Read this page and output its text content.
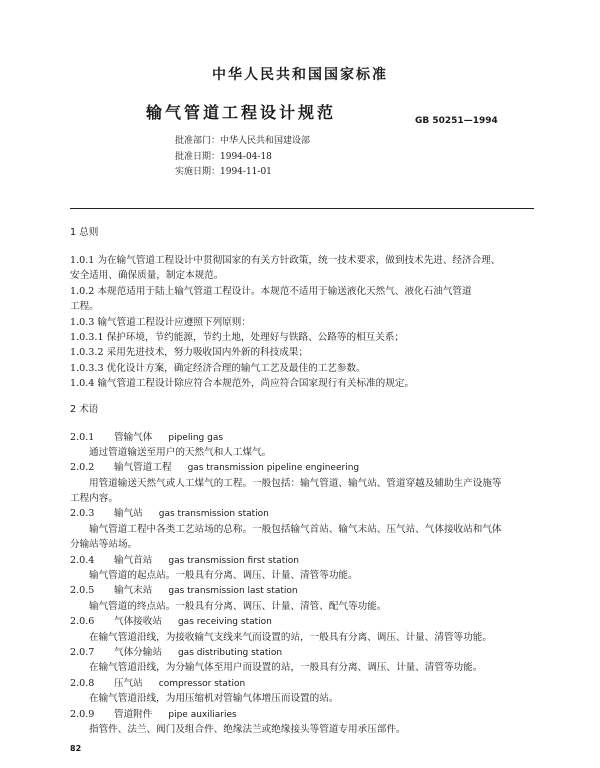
中华人民共和国国家标准
输气管道工程设计规范	GB 50251—1994
批准部门：中华人民共和国建设部
批准日期：1994-04-18
实施日期：1994-11-01
1 总则
1.0.1 为在输气管道工程设计中贯彻国家的有关方针政策，统一技术要求，做到技术先进、经济合理、
安全适用、确保质量，制定本规范。
1.0.2 本规范适用于陆上输气管道工程设计。本规范不适用于输送液化天然气、液化石油气管道
工程。
1.0.3 输气管道工程设计应遵照下列原则：
1.0.3.1 保护环境，节约能源，节约土地，处理好与铁路、公路等的相互关系；
1.0.3.2 采用先进技术，努力吸收国内外新的科技成果；
1.0.3.3 优化设计方案，确定经济合理的输气工艺及最佳的工艺参数。
1.0.4 输气管道工程设计除应符合本规范外，尚应符合国家现行有关标准的规定。
2 术语
2.0.1 管输气体 pipeling gas
通过管道输送至用户的天然气和人工煤气。
2.0.2 输气管道工程 gas transmission pipeline engineering
用管道输送天然气或人工煤气的工程。一般包括：输气管道、输气站、管道穿越及辅助生产设施等
工程内容。
2.0.3 输气站 gas transmission station
输气管道工程中各类工艺站场的总称。一般包括输气首站、输气末站、压气站、气体接收站和气体
分输站等站场。
2.0.4 输气首站 gas transmission first station
输气管道的起点站。一般具有分离、调压、计量、清管等功能。
2.0.5 输气末站 gas transmission last station
输气管道的终点站。一般具有分离、调压、计量、清管、配气等功能。
2.0.6 气体接收站 gas receiving station
在输气管道沿线，为接收输气支线来气而设置的站，一般具有分离、调压、计量、清管等功能。
2.0.7 气体分输站 gas distributing station
在输气管道沿线，为分输气体至用户而设置的站，一般具有分离、调压、计量、清管等功能。
2.0.8 压气站 compressor station
在输气管道沿线，为用压缩机对管输气体增压而设置的站。
2.0.9 管道附件 pipe auxiliaries
指管件、法兰、阀门及组合件、绝缘法兰或绝缘接头等管道专用承压部件。
82
